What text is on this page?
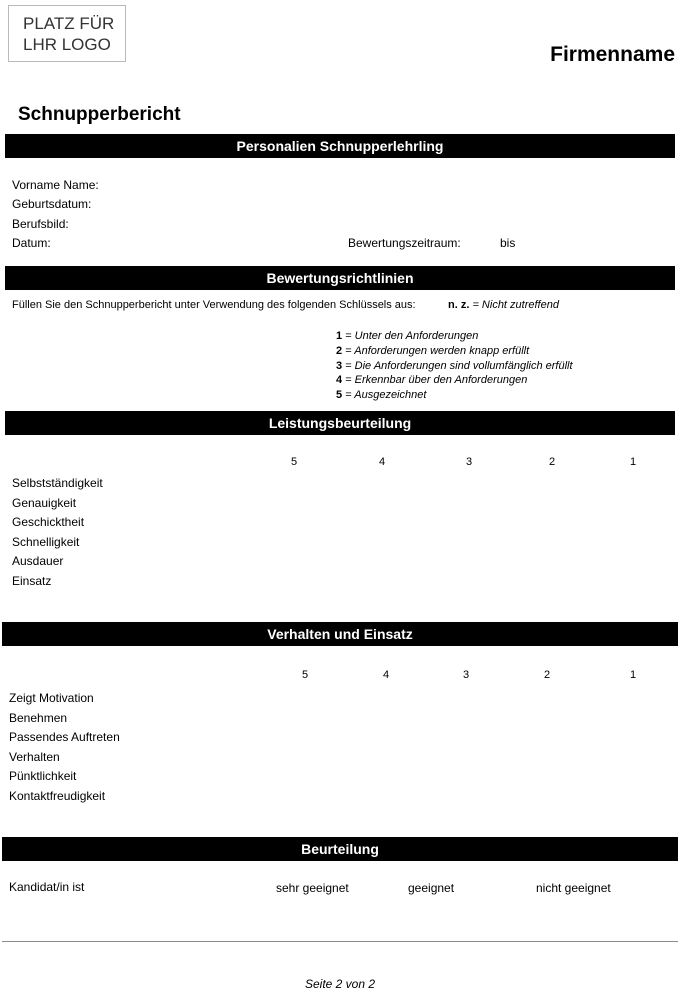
PLATZ FÜR
LHR LOGO	Firmenname
Schnupperbericht
Personalien Schnupperlehrling
Vorname Name:
Geburtsdatum:
Berufsbild:
Datum:	Bewertungszeitraum:	bis
Bewertungsrichtlinien
Füllen Sie den Schnupperbericht unter Verwendung des folgenden Schlüssels aus:	n. z. = Nicht zutreffend
1 = Unter den Anforderungen
2 = Anforderungen werden knapp erfüllt
3 = Die Anforderungen sind vollumfänglich erfüllt
4 = Erkennbar über den Anforderungen
5 = Ausgezeichnet
Leistungsbeurteilung
5	4	3	2	1
Selbstständigkeit
Genauigkeit
Geschicktheit
Schnelligkeit
Ausdauer
Einsatz
Verhalten und Einsatz
5	4	3	2	1
Zeigt Motivation
Benehmen
Passendes Auftreten
Verhalten
Pünktlichkeit
Kontaktfreudigkeit
Beurteilung
Kandidat/in ist	sehr geeignet	geeignet	nicht geeignet
Seite 2 von 2
